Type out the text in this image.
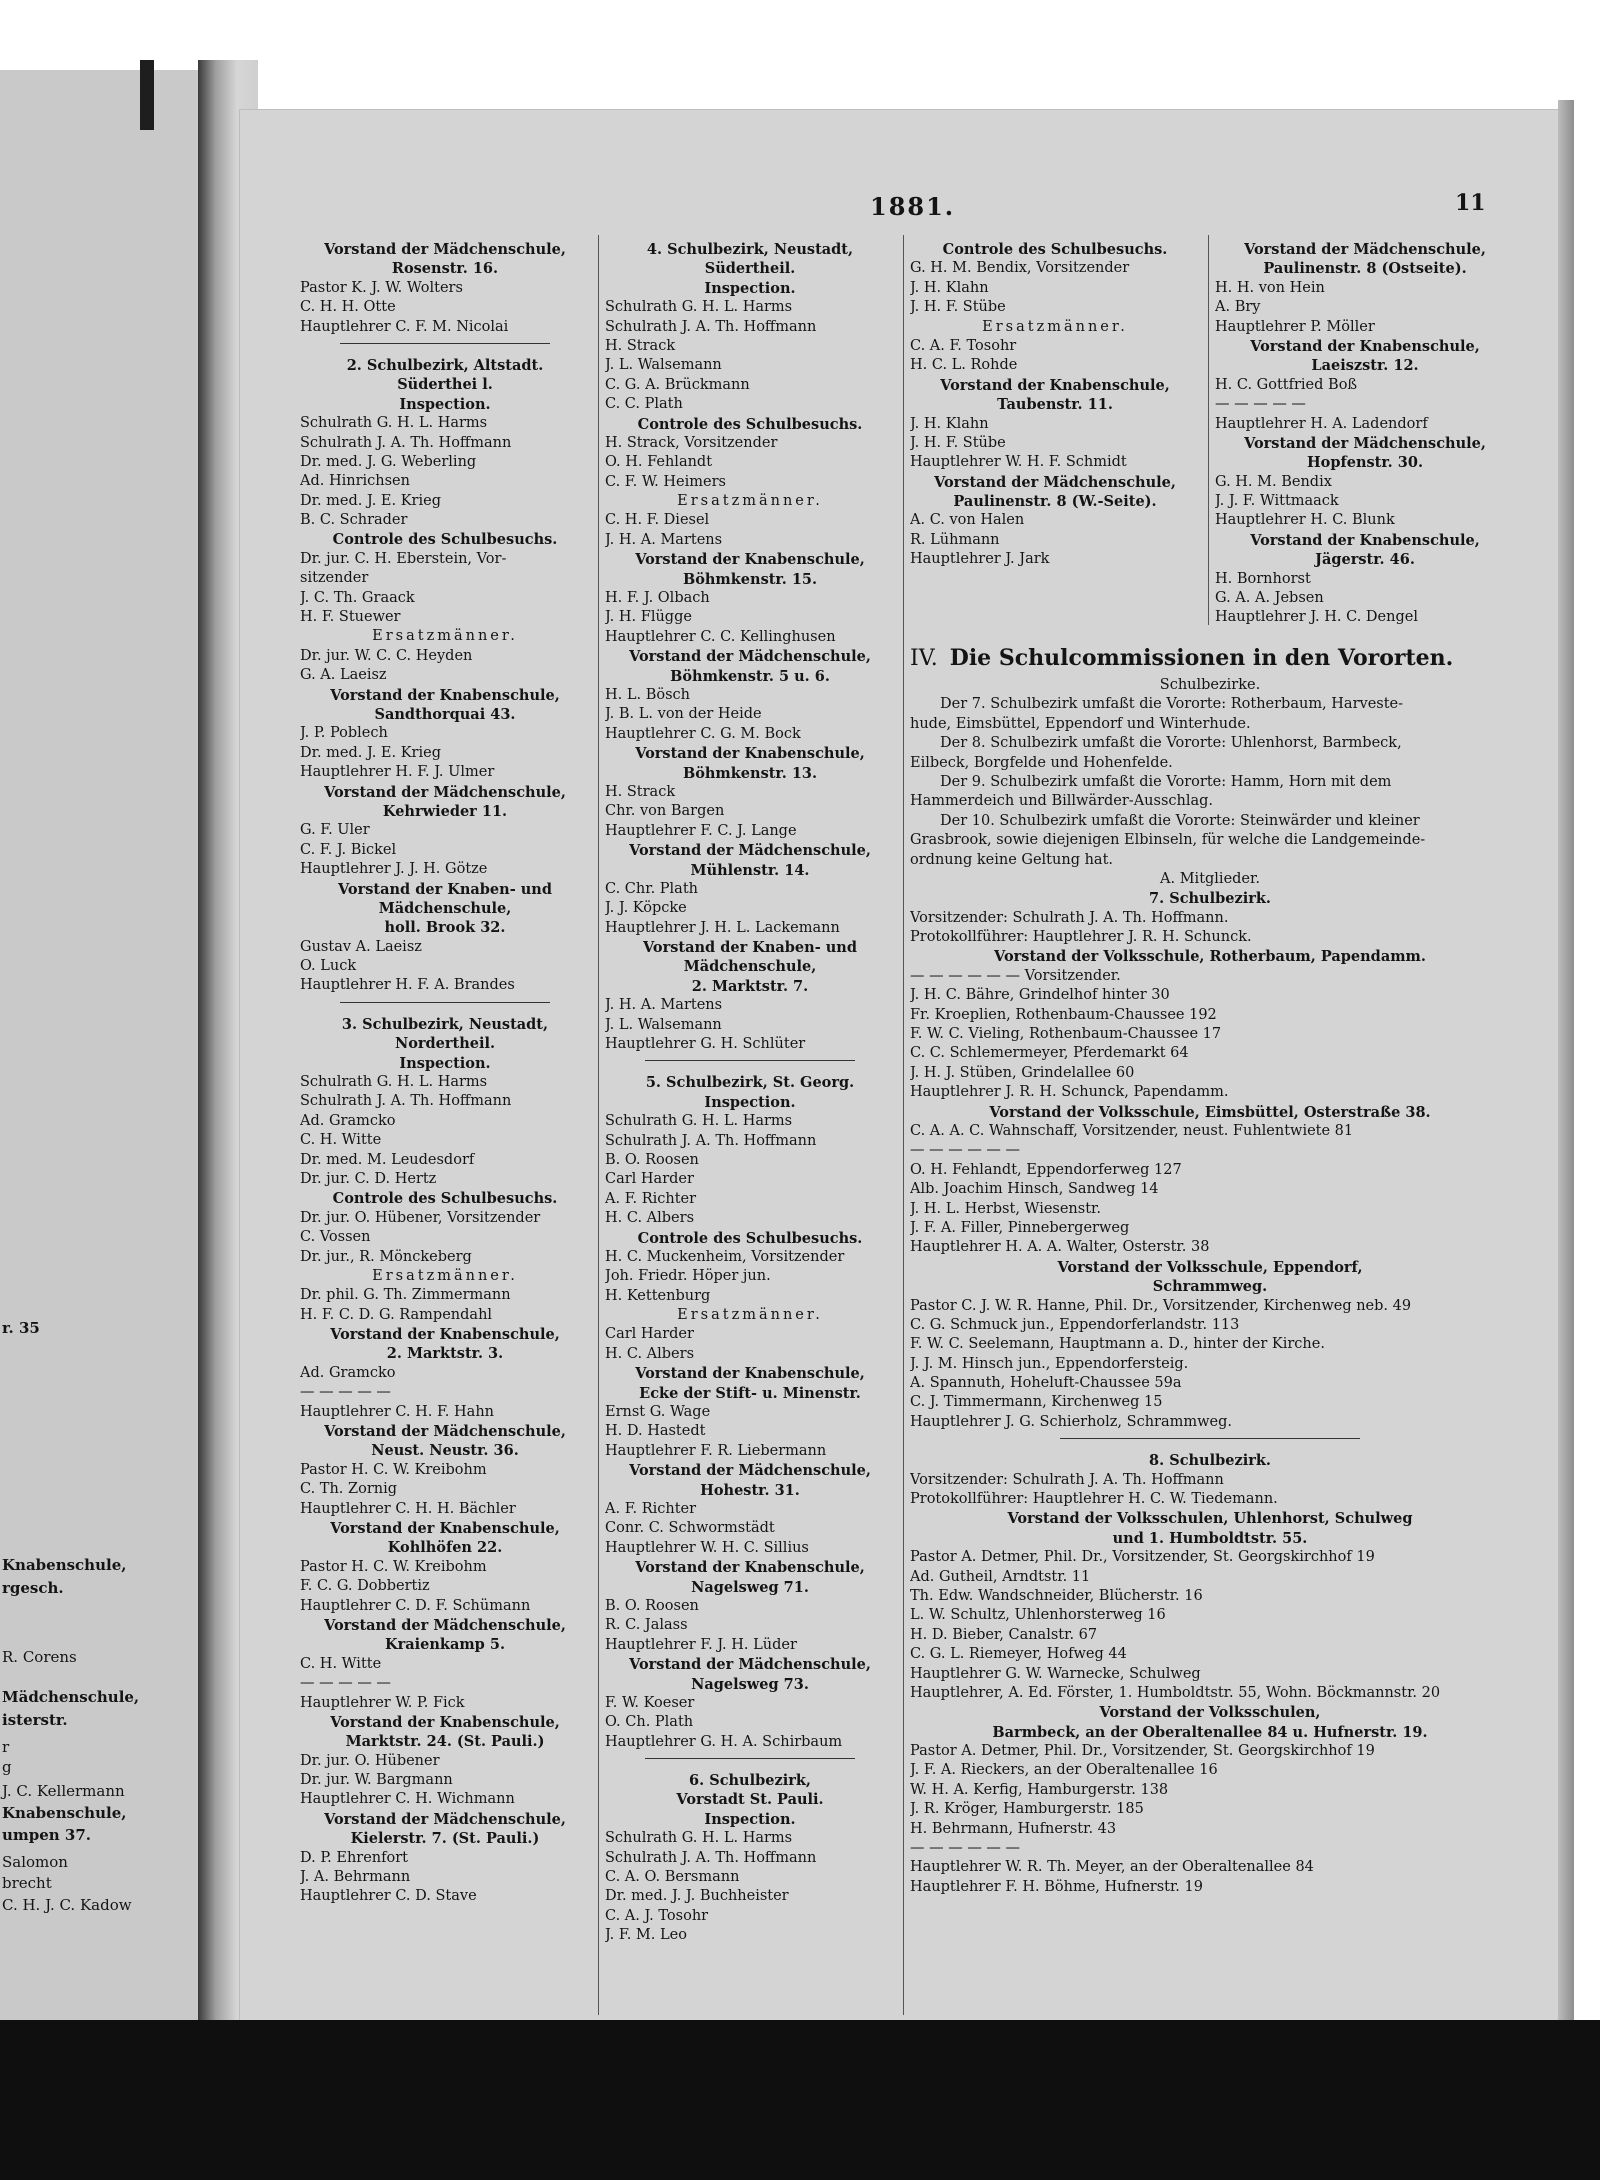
r. 35
Knabenschule,
rgesch.
R. Corens
Mädchenschule,
isterstr.
r
g
J. C. Kellermann
Knabenschule,
umpen 37.
Salomon
brecht
C. H. J. C. Kadow
1881.	11
Vorstand der Mädchenschule,
Rosenstr. 16.
Pastor K. J. W. Wolters
C. H. H. Otte
Hauptlehrer C. F. M. Nicolai
2. Schulbezirk, Altstadt.
Süderthei l.
Inspection.
Schulrath G. H. L. Harms
Schulrath J. A. Th. Hoffmann
Dr. med. J. G. Weberling
Ad. Hinrichsen
Dr. med. J. E. Krieg
B. C. Schrader
Controle des Schulbesuchs.
Dr. jur. C. H. Eberstein, Vor-
sitzender
J. C. Th. Graack
H. F. Stuewer
Ersatzmänner.
Dr. jur. W. C. C. Heyden
G. A. Laeisz
Vorstand der Knabenschule,
Sandthorquai 43.
J. P. Poblech
Dr. med. J. E. Krieg
Hauptlehrer H. F. J. Ulmer
Vorstand der Mädchenschule,
Kehrwieder 11.
G. F. Uler
C. F. J. Bickel
Hauptlehrer J. J. H. Götze
Vorstand der Knaben- und
Mädchenschule,
holl. Brook 32.
Gustav A. Laeisz
O. Luck
Hauptlehrer H. F. A. Brandes
3. Schulbezirk, Neustadt,
Nordertheil.
Inspection.
Schulrath G. H. L. Harms
Schulrath J. A. Th. Hoffmann
Ad. Gramcko
C. H. Witte
Dr. med. M. Leudesdorf
Dr. jur. C. D. Hertz
Controle des Schulbesuchs.
Dr. jur. O. Hübener, Vorsitzender
C. Vossen
Dr. jur., R. Mönckeberg
Ersatzmänner.
Dr. phil. G. Th. Zimmermann
H. F. C. D. G. Rampendahl
Vorstand der Knabenschule,
2. Marktstr. 3.
Ad. Gramcko
— — — — —
Hauptlehrer C. H. F. Hahn
Vorstand der Mädchenschule,
Neust. Neustr. 36.
Pastor H. C. W. Kreibohm
C. Th. Zornig
Hauptlehrer C. H. H. Bächler
Vorstand der Knabenschule,
Kohlhöfen 22.
Pastor H. C. W. Kreibohm
F. C. G. Dobbertiz
Hauptlehrer C. D. F. Schümann
Vorstand der Mädchenschule,
Kraienkamp 5.
C. H. Witte
— — — — —
Hauptlehrer W. P. Fick
Vorstand der Knabenschule,
Marktstr. 24. (St. Pauli.)
Dr. jur. O. Hübener
Dr. jur. W. Bargmann
Hauptlehrer C. H. Wichmann
Vorstand der Mädchenschule,
Kielerstr. 7. (St. Pauli.)
D. P. Ehrenfort
J. A. Behrmann
Hauptlehrer C. D. Stave
4. Schulbezirk, Neustadt,
Südertheil.
Inspection.
Schulrath G. H. L. Harms
Schulrath J. A. Th. Hoffmann
H. Strack
J. L. Walsemann
C. G. A. Brückmann
C. C. Plath
Controle des Schulbesuchs.
H. Strack, Vorsitzender
O. H. Fehlandt
C. F. W. Heimers
Ersatzmänner.
C. H. F. Diesel
J. H. A. Martens
Vorstand der Knabenschule,
Böhmkenstr. 15.
H. F. J. Olbach
J. H. Flügge
Hauptlehrer C. C. Kellinghusen
Vorstand der Mädchenschule,
Böhmkenstr. 5 u. 6.
H. L. Bösch
J. B. L. von der Heide
Hauptlehrer C. G. M. Bock
Vorstand der Knabenschule,
Böhmkenstr. 13.
H. Strack
Chr. von Bargen
Hauptlehrer F. C. J. Lange
Vorstand der Mädchenschule,
Mühlenstr. 14.
C. Chr. Plath
J. J. Köpcke
Hauptlehrer J. H. L. Lackemann
Vorstand der Knaben- und
Mädchenschule,
2. Marktstr. 7.
J. H. A. Martens
J. L. Walsemann
Hauptlehrer G. H. Schlüter
5. Schulbezirk, St. Georg.
Inspection.
Schulrath G. H. L. Harms
Schulrath J. A. Th. Hoffmann
B. O. Roosen
Carl Harder
A. F. Richter
H. C. Albers
Controle des Schulbesuchs.
H. C. Muckenheim, Vorsitzender
Joh. Friedr. Höper jun.
H. Kettenburg
Ersatzmänner.
Carl Harder
H. C. Albers
Vorstand der Knabenschule,
Ecke der Stift- u. Minenstr.
Ernst G. Wage
H. D. Hastedt
Hauptlehrer F. R. Liebermann
Vorstand der Mädchenschule,
Hohestr. 31.
A. F. Richter
Conr. C. Schwormstädt
Hauptlehrer W. H. C. Sillius
Vorstand der Knabenschule,
Nagelsweg 71.
B. O. Roosen
R. C. Jalass
Hauptlehrer F. J. H. Lüder
Vorstand der Mädchenschule,
Nagelsweg 73.
F. W. Koeser
O. Ch. Plath
Hauptlehrer G. H. A. Schirbaum
6. Schulbezirk,
Vorstadt St. Pauli.
Inspection.
Schulrath G. H. L. Harms
Schulrath J. A. Th. Hoffmann
C. A. O. Bersmann
Dr. med. J. J. Buchheister
C. A. J. Tosohr
J. F. M. Leo
Controle des Schulbesuchs.
G. H. M. Bendix, Vorsitzender
J. H. Klahn
J. H. F. Stübe
Ersatzmänner.
C. A. F. Tosohr
H. C. L. Rohde
Vorstand der Knabenschule,
Taubenstr. 11.
J. H. Klahn
J. H. F. Stübe
Hauptlehrer W. H. F. Schmidt
Vorstand der Mädchenschule,
Paulinenstr. 8 (W.-Seite).
A. C. von Halen
R. Lühmann
Hauptlehrer J. Jark
Vorstand der Mädchenschule,
Paulinenstr. 8 (Ostseite).
H. H. von Hein
A. Bry
Hauptlehrer P. Möller
Vorstand der Knabenschule,
Laeiszstr. 12.
H. C. Gottfried Boß
— — — — —
Hauptlehrer H. A. Ladendorf
Vorstand der Mädchenschule,
Hopfenstr. 30.
G. H. M. Bendix
J. J. F. Wittmaack
Hauptlehrer H. C. Blunk
Vorstand der Knabenschule,
Jägerstr. 46.
H. Bornhorst
G. A. A. Jebsen
Hauptlehrer J. H. C. Dengel
IV. Die Schulcommissionen in den Vororten.
Schulbezirke.
Der 7. Schulbezirk umfaßt die Vororte: Rotherbaum, Harveste-
hude, Eimsbüttel, Eppendorf und Winterhude.
Der 8. Schulbezirk umfaßt die Vororte: Uhlenhorst, Barmbeck,
Eilbeck, Borgfelde und Hohenfelde.
Der 9. Schulbezirk umfaßt die Vororte: Hamm, Horn mit dem
Hammerdeich und Billwärder-Ausschlag.
Der 10. Schulbezirk umfaßt die Vororte: Steinwärder und kleiner
Grasbrook, sowie diejenigen Elbinseln, für welche die Landgemeinde-
ordnung keine Geltung hat.
A. Mitglieder.
7. Schulbezirk.
Vorsitzender: Schulrath J. A. Th. Hoffmann.
Protokollführer: Hauptlehrer J. R. H. Schunck.
Vorstand der Volksschule, Rotherbaum, Papendamm.
— — — — — — Vorsitzender.
J. H. C. Bähre, Grindelhof hinter 30
Fr. Kroeplien, Rothenbaum-Chaussee 192
F. W. C. Vieling, Rothenbaum-Chaussee 17
C. C. Schlemermeyer, Pferdemarkt 64
J. H. J. Stüben, Grindelallee 60
Hauptlehrer J. R. H. Schunck, Papendamm.
Vorstand der Volksschule, Eimsbüttel, Osterstraße 38.
C. A. A. C. Wahnschaff, Vorsitzender, neust. Fuhlentwiete 81
— — — — — —
O. H. Fehlandt, Eppendorferweg 127
Alb. Joachim Hinsch, Sandweg 14
J. H. L. Herbst, Wiesenstr.
J. F. A. Filler, Pinnebergerweg
Hauptlehrer H. A. A. Walter, Osterstr. 38
Vorstand der Volksschule, Eppendorf,
Schrammweg.
Pastor C. J. W. R. Hanne, Phil. Dr., Vorsitzender, Kirchenweg neb. 49
C. G. Schmuck jun., Eppendorferlandstr. 113
F. W. C. Seelemann, Hauptmann a. D., hinter der Kirche.
J. J. M. Hinsch jun., Eppendorfersteig.
A. Spannuth, Hoheluft-Chaussee 59a
C. J. Timmermann, Kirchenweg 15
Hauptlehrer J. G. Schierholz, Schrammweg.
8. Schulbezirk.
Vorsitzender: Schulrath J. A. Th. Hoffmann
Protokollführer: Hauptlehrer H. C. W. Tiedemann.
Vorstand der Volksschulen, Uhlenhorst, Schulweg
und 1. Humboldtstr. 55.
Pastor A. Detmer, Phil. Dr., Vorsitzender, St. Georgskirchhof 19
Ad. Gutheil, Arndtstr. 11
Th. Edw. Wandschneider, Blücherstr. 16
L. W. Schultz, Uhlenhorsterweg 16
H. D. Bieber, Canalstr. 67
C. G. L. Riemeyer, Hofweg 44
Hauptlehrer G. W. Warnecke, Schulweg
Hauptlehrer, A. Ed. Förster, 1. Humboldtstr. 55, Wohn. Böckmannstr. 20
Vorstand der Volksschulen,
Barmbeck, an der Oberaltenallee 84 u. Hufnerstr. 19.
Pastor A. Detmer, Phil. Dr., Vorsitzender, St. Georgskirchhof 19
J. F. A. Rieckers, an der Oberaltenallee 16
W. H. A. Kerfig, Hamburgerstr. 138
J. R. Kröger, Hamburgerstr. 185
H. Behrmann, Hufnerstr. 43
— — — — — —
Hauptlehrer W. R. Th. Meyer, an der Oberaltenallee 84
Hauptlehrer F. H. Böhme, Hufnerstr. 19
